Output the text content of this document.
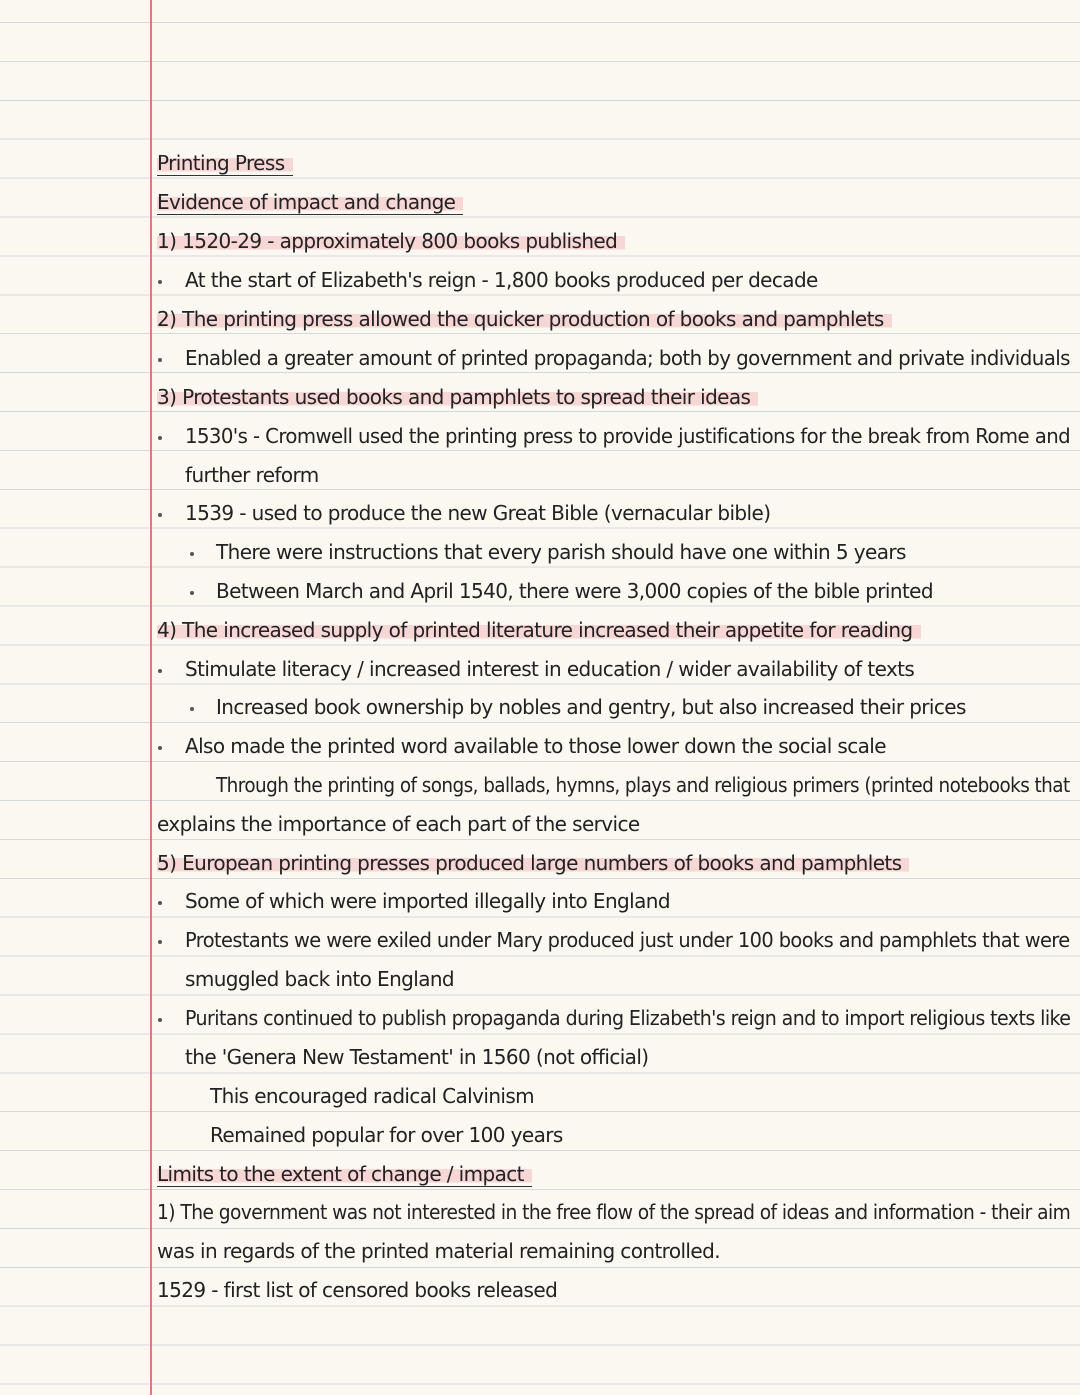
Printing Press
Evidence of impact and change
1) 1520-29 - approximately 800 books published
At the start of Elizabeth's reign - 1,800 books produced per decade
2) The printing press allowed the quicker production of books and pamphlets
Enabled a greater amount of printed propaganda; both by government and private individuals
3) Protestants used books and pamphlets to spread their ideas
1530's - Cromwell used the printing press to provide justifications for the break from Rome and
further reform
1539 - used to produce the new Great Bible (vernacular bible)
There were instructions that every parish should have one within 5 years
Between March and April 1540, there were 3,000 copies of the bible printed
4) The increased supply of printed literature increased their appetite for reading
Stimulate literacy / increased interest in education / wider availability of texts
Increased book ownership by nobles and gentry, but also increased their prices
Also made the printed word available to those lower down the social scale
Through the printing of songs, ballads, hymns, plays and religious primers (printed notebooks that
explains the importance of each part of the service
5) European printing presses produced large numbers of books and pamphlets
Some of which were imported illegally into England
Protestants we were exiled under Mary produced just under 100 books and pamphlets that were
smuggled back into England
Puritans continued to publish propaganda during Elizabeth's reign and to import religious texts like
the 'Genera New Testament' in 1560 (not official)
This encouraged radical Calvinism
Remained popular for over 100 years
Limits to the extent of change / impact
1) The government was not interested in the free flow of the spread of ideas and information - their aim
was in regards of the printed material remaining controlled.
1529 - first list of censored books released
